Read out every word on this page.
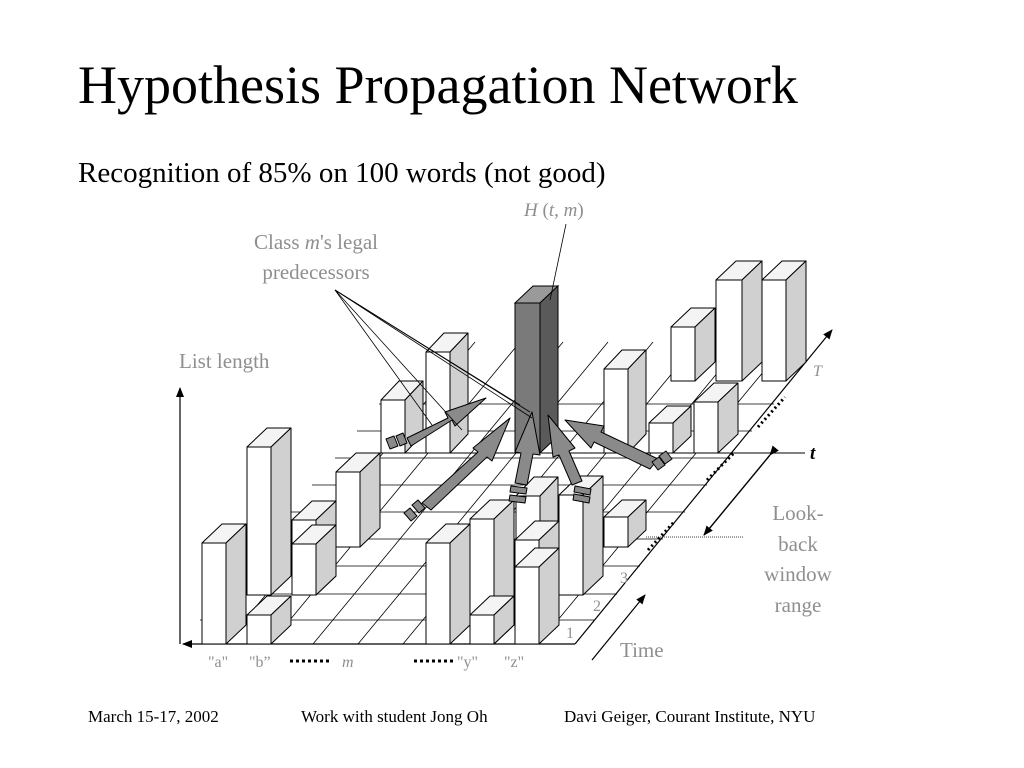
Hypothesis Propagation Network
Recognition of 85% on 100 words (not good)
H (t, m)
Class m's legal
predecessors
List length
"a" "b”	m	"y" "z"
1
2
3
Time
T
t
Look-
back
window
range
March 15-17, 2002	Work with student Jong Oh	Davi Geiger, Courant Institute, NYU
